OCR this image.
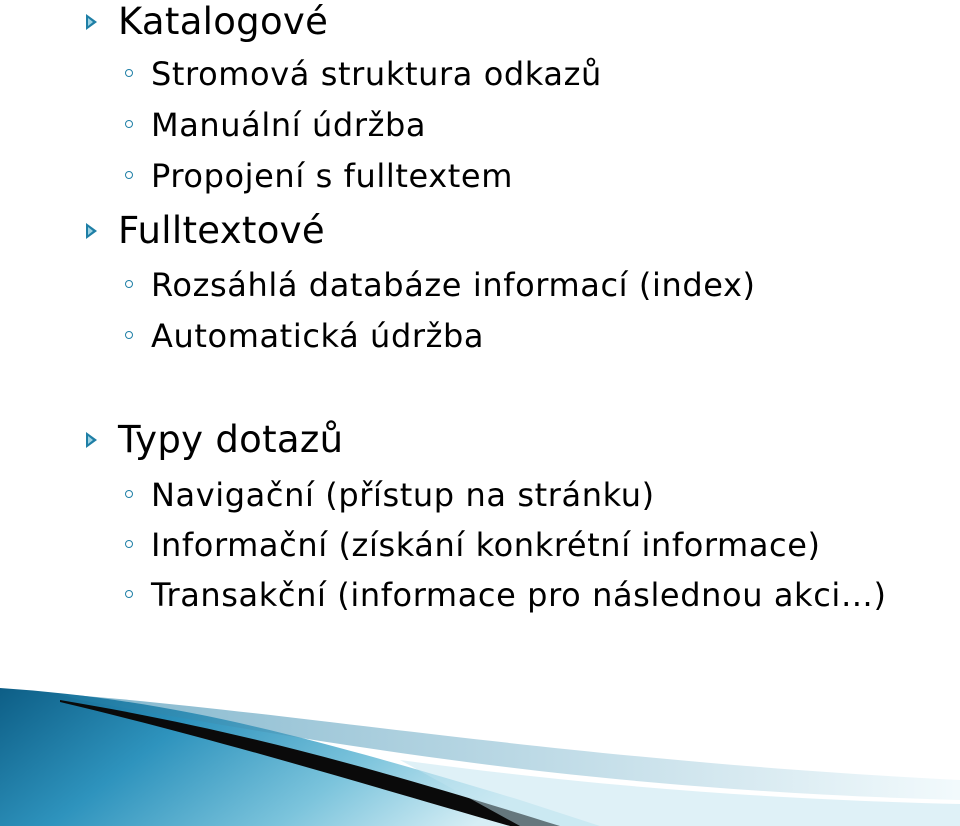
Katalogové
Stromová struktura odkazů
Manuální údržba
Propojení s fulltextem
Fulltextové
Rozsáhlá databáze informací (index)
Automatická údržba
Typy dotazů
Navigační (přístup na stránku)
Informační (získání konkrétní informace)
Transakční (informace pro následnou akci…)
